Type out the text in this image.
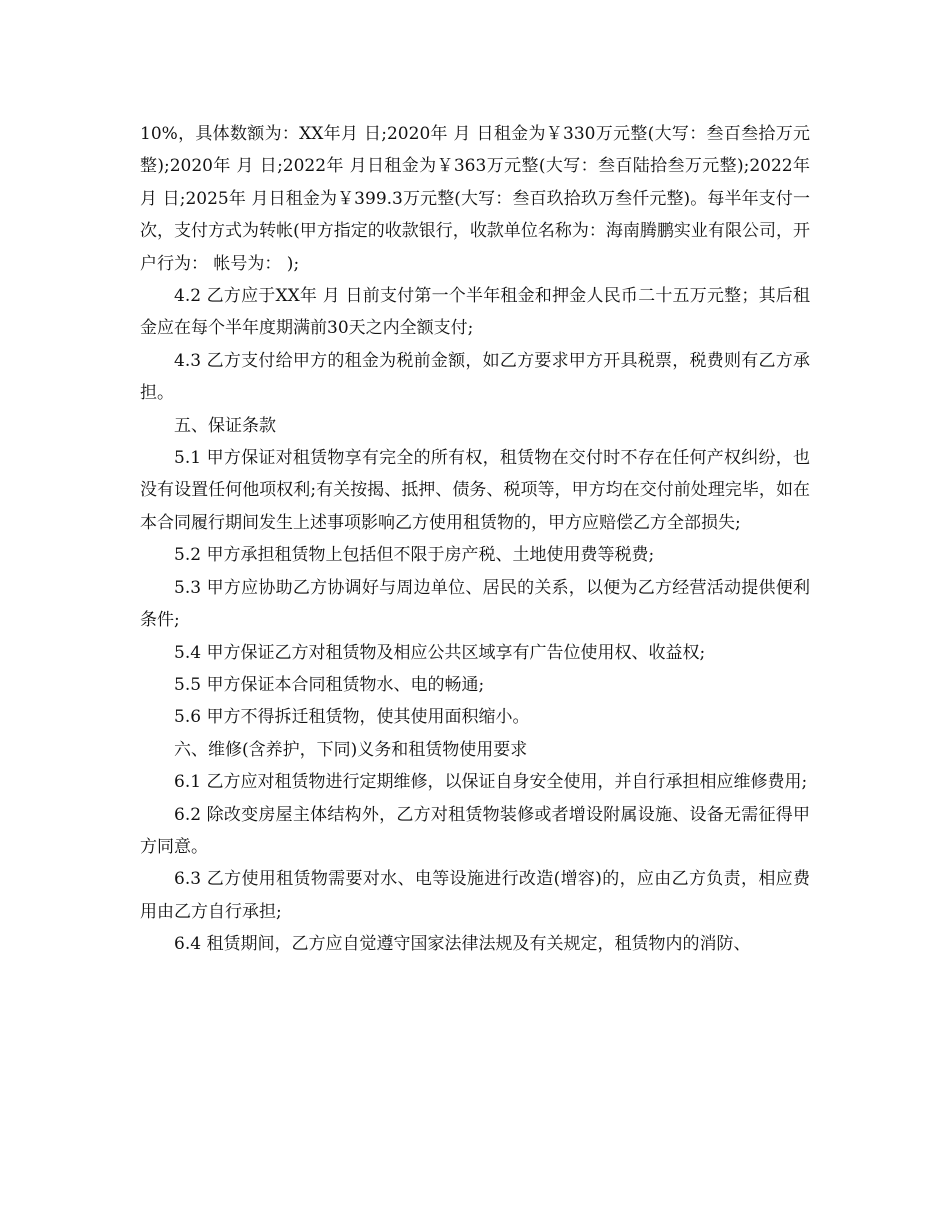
10%，具体数额为：XX年月 日;2020年 月 日租金为￥330万元整(大写：叁百叁拾万元整);2020年 月 日;2022年 月日租金为￥363万元整(大写：叁百陆拾叁万元整);2022年 月 日;2025年 月日租金为￥399.3万元整(大写：叁百玖拾玖万叁仟元整)。每半年支付一次，支付方式为转帐(甲方指定的收款银行，收款单位名称为：海南腾鹏实业有限公司，开户行为： 帐号为： );

4.2 乙方应于XX年 月 日前支付第一个半年租金和押金人民币二十五万元整；其后租金应在每个半年度期满前30天之内全额支付;

4.3 乙方支付给甲方的租金为税前金额，如乙方要求甲方开具税票，税费则有乙方承担。

五、保证条款

5.1 甲方保证对租赁物享有完全的所有权，租赁物在交付时不存在任何产权纠纷，也没有设置任何他项权利;有关按揭、抵押、债务、税项等，甲方均在交付前处理完毕，如在本合同履行期间发生上述事项影响乙方使用租赁物的，甲方应赔偿乙方全部损失;

5.2 甲方承担租赁物上包括但不限于房产税、土地使用费等税费;

5.3 甲方应协助乙方协调好与周边单位、居民的关系，以便为乙方经营活动提供便利条件;

5.4 甲方保证乙方对租赁物及相应公共区域享有广告位使用权、收益权;

5.5 甲方保证本合同租赁物水、电的畅通;

5.6 甲方不得拆迁租赁物，使其使用面积缩小。

六、维修(含养护，下同)义务和租赁物使用要求

6.1 乙方应对租赁物进行定期维修，以保证自身安全使用，并自行承担相应维修费用;

6.2 除改变房屋主体结构外，乙方对租赁物装修或者增设附属设施、设备无需征得甲方同意。

6.3 乙方使用租赁物需要对水、电等设施进行改造(增容)的，应由乙方负责，相应费用由乙方自行承担;

6.4 租赁期间，乙方应自觉遵守国家法律法规及有关规定，租赁物内的消防、
